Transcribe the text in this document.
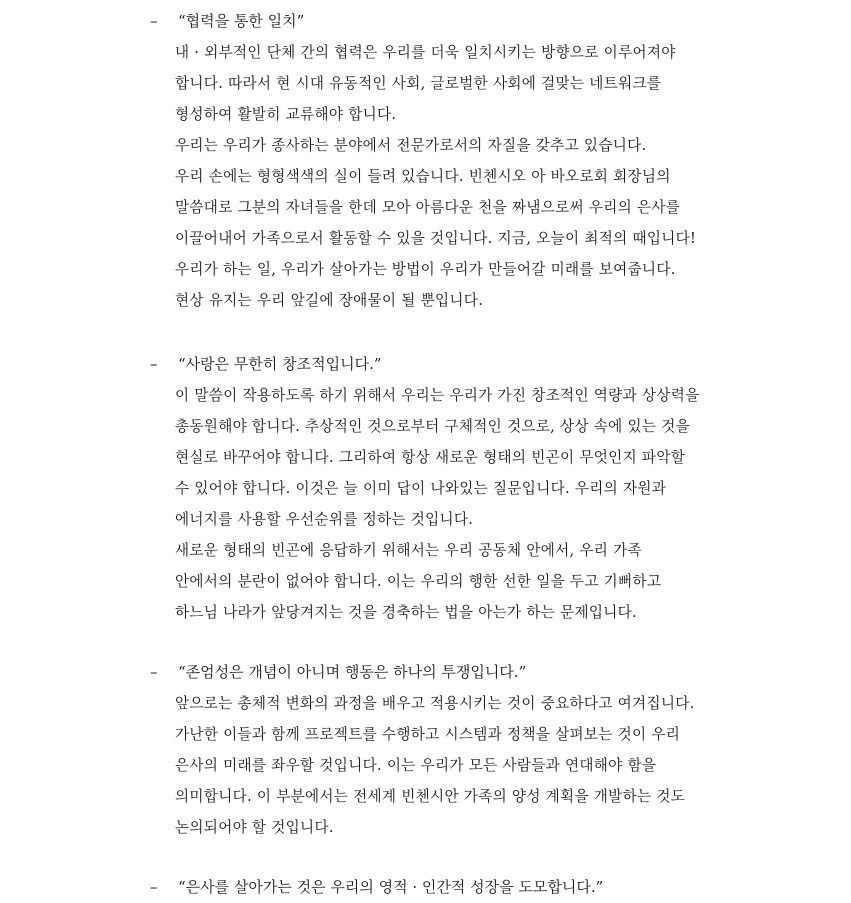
– “협력을 통한 일치”
내 · 외부적인 단체 간의 협력은 우리를 더욱 일치시키는 방향으로 이루어져야
합니다. 따라서 현 시대 유동적인 사회, 글로벌한 사회에 걸맞는 네트워크를
형성하여 활발히 교류해야 합니다.
우리는 우리가 종사하는 분야에서 전문가로서의 자질을 갖추고 있습니다.
우리 손에는 형형색색의 실이 들려 있습니다. 빈첸시오 아 바오로회 회장님의
말씀대로 그분의 자녀들을 한데 모아 아름다운 천을 짜냄으로써 우리의 은사를
이끌어내어 가족으로서 활동할 수 있을 것입니다. 지금, 오늘이 최적의 때입니다!
우리가 하는 일, 우리가 살아가는 방법이 우리가 만들어갈 미래를 보여줍니다.
현상 유지는 우리 앞길에 장애물이 될 뿐입니다.
– “사랑은 무한히 창조적입니다.”
이 말씀이 작용하도록 하기 위해서 우리는 우리가 가진 창조적인 역량과 상상력을
총동원해야 합니다. 추상적인 것으로부터 구체적인 것으로, 상상 속에 있는 것을
현실로 바꾸어야 합니다. 그리하여 항상 새로운 형태의 빈곤이 무엇인지 파악할
수 있어야 합니다. 이것은 늘 이미 답이 나와있는 질문입니다. 우리의 자원과
에너지를 사용할 우선순위를 정하는 것입니다.
새로운 형태의 빈곤에 응답하기 위해서는 우리 공동체 안에서, 우리 가족
안에서의 분란이 없어야 합니다. 이는 우리의 행한 선한 일을 두고 기뻐하고
하느님 나라가 앞당겨지는 것을 경축하는 법을 아는가 하는 문제입니다.
– “존엄성은 개념이 아니며 행동은 하나의 투쟁입니다.”
앞으로는 총체적 변화의 과정을 배우고 적용시키는 것이 중요하다고 여겨집니다.
가난한 이들과 함께 프로젝트를 수행하고 시스템과 정책을 살펴보는 것이 우리
은사의 미래를 좌우할 것입니다. 이는 우리가 모든 사람들과 연대해야 함을
의미합니다. 이 부분에서는 전세계 빈첸시안 가족의 양성 계획을 개발하는 것도
논의되어야 할 것입니다.
– “은사를 살아가는 것은 우리의 영적 · 인간적 성장을 도모합니다.”
